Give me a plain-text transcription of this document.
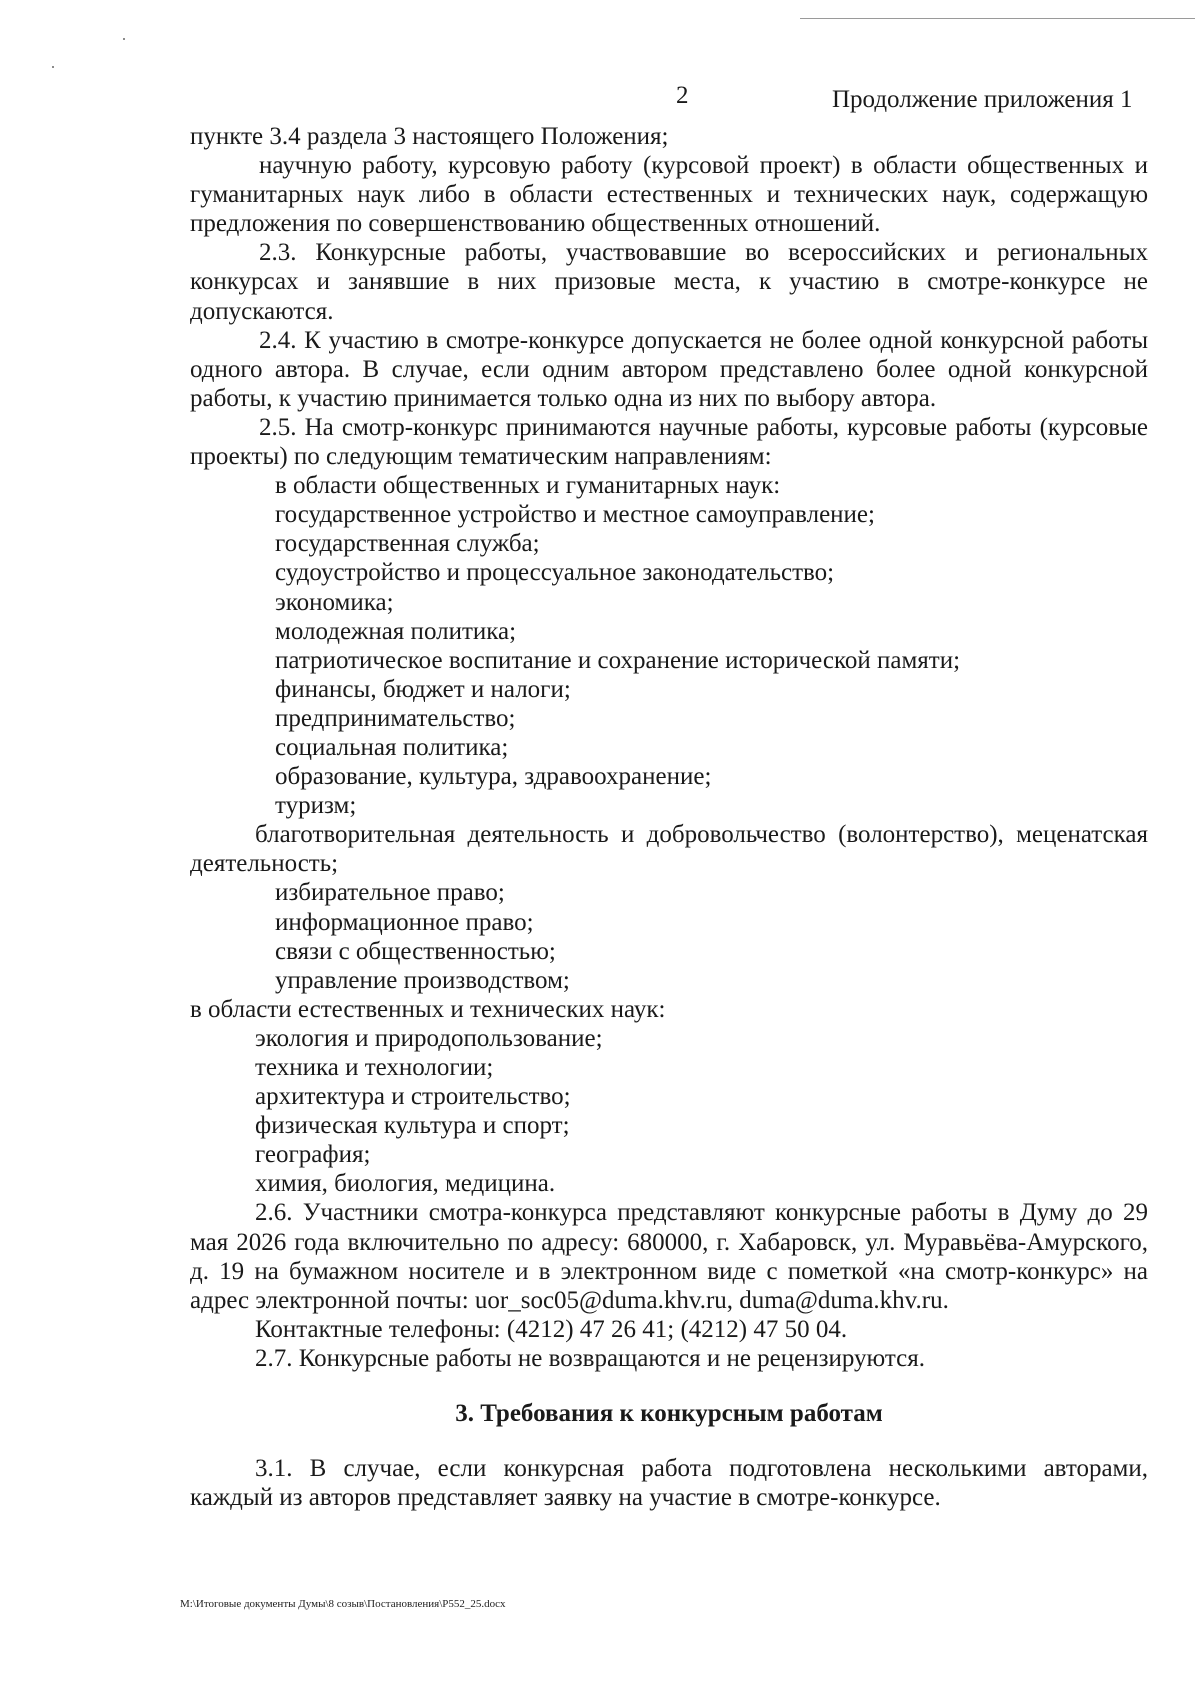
2	Продолжение приложения 1

пункте 3.4 раздела 3 настоящего Положения;

научную работу, курсовую работу (курсовой проект) в области общественных и гуманитарных наук либо в области естественных и технических наук, содержащую предложения по совершенствованию общественных отношений.

2.3. Конкурсные работы, участвовавшие во всероссийских и региональных конкурсах и занявшие в них призовые места, к участию в смотре-конкурсе не допускаются.

2.4. К участию в смотре-конкурсе допускается не более одной конкурсной работы одного автора. В случае, если одним автором представлено более одной конкурсной работы, к участию принимается только одна из них по выбору автора.

2.5. На смотр-конкурс принимаются научные работы, курсовые работы (курсовые проекты) по следующим тематическим направлениям:

в области общественных и гуманитарных наук:

государственное устройство и местное самоуправление;

государственная служба;

судоустройство и процессуальное законодательство;

экономика;

молодежная политика;

патриотическое воспитание и сохранение исторической памяти;

финансы, бюджет и налоги;

предпринимательство;

социальная политика;

образование, культура, здравоохранение;

туризм;

благотворительная деятельность и добровольчество (волонтерство), меценатская деятельность;

избирательное право;

информационное право;

связи с общественностью;

управление производством;

в области естественных и технических наук:

экология и природопользование;

техника и технологии;

архитектура и строительство;

физическая культура и спорт;

география;

химия, биология, медицина.

2.6. Участники смотра-конкурса представляют конкурсные работы в Думу до 29 мая 2026 года включительно по адресу: 680000, г. Хабаровск, ул. Муравьёва-Амурского, д. 19 на бумажном носителе и в электронном виде с пометкой «на смотр-конкурс» на адрес электронной почты: uor_soc05@duma.khv.ru, duma@duma.khv.ru.

Контактные телефоны: (4212) 47 26 41; (4212) 47 50 04.

2.7. Конкурсные работы не возвращаются и не рецензируются.

3. Требования к конкурсным работам

3.1. В случае, если конкурсная работа подготовлена несколькими авторами, каждый из авторов представляет заявку на участие в смотре-конкурсе.

М:\Итоговые документы Думы\8 созыв\Постановления\Р552_25.docx
